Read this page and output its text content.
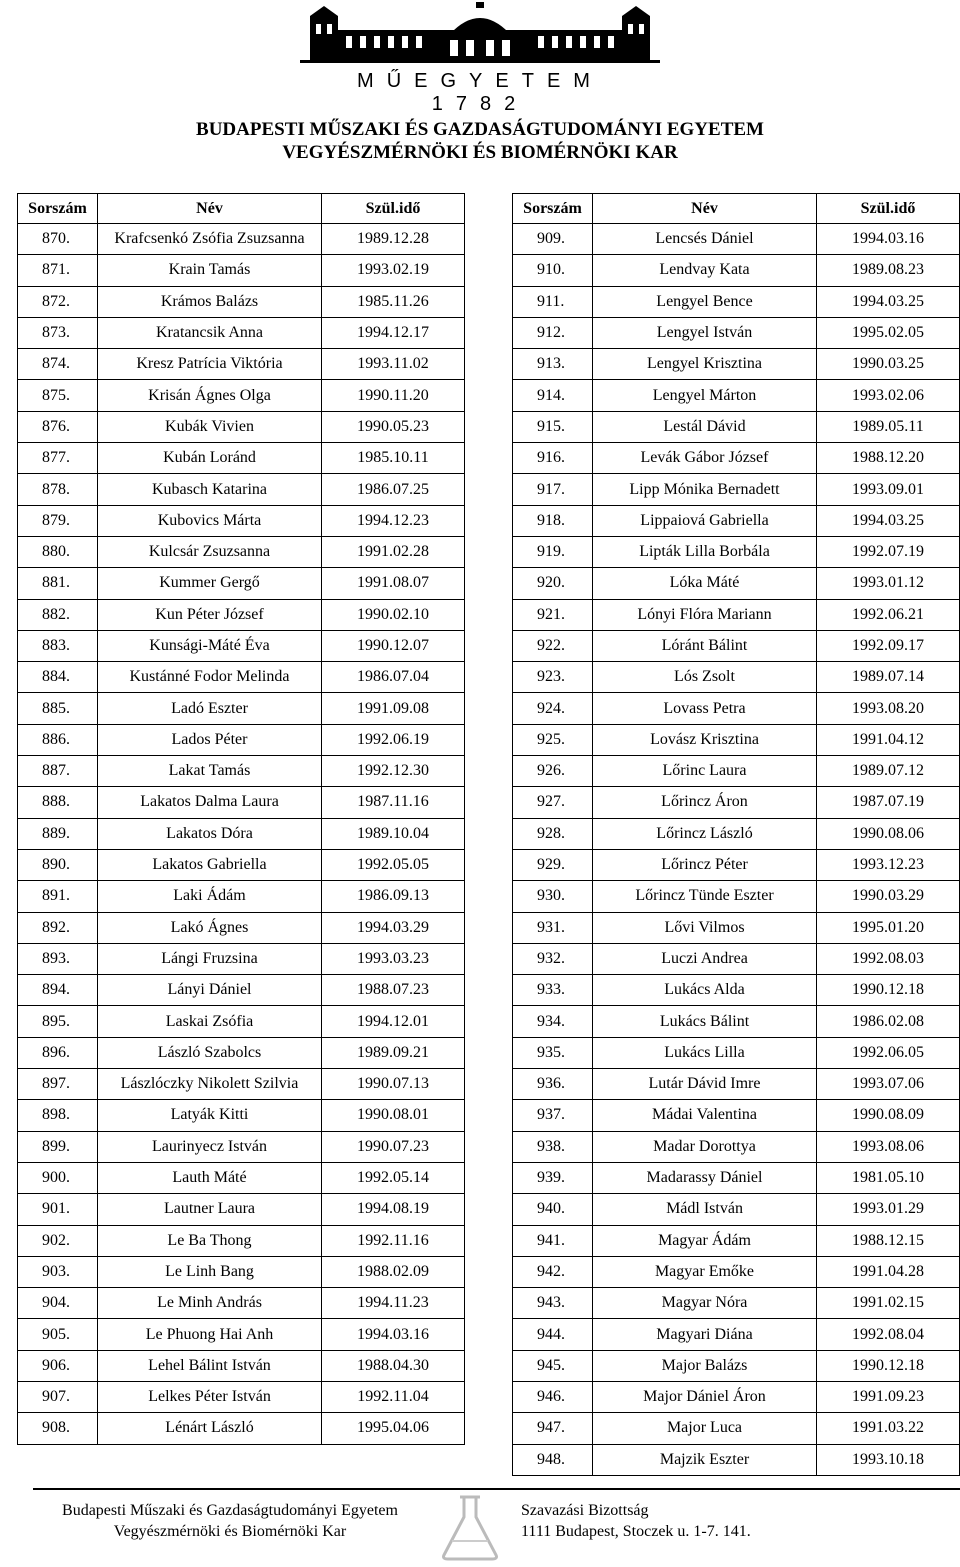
MŰEGYETEM 1782
BUDAPESTI MŰSZAKI ÉS GAZDASÁGTUDOMÁNYI EGYETEM
VEGYÉSZMÉRNÖKI ÉS BIOMÉRNÖKI KAR
Sorszám	Név	Szül.idő
870.	Krafcsenkó Zsófia Zsuzsanna	1989.12.28
871.	Krain Tamás	1993.02.19
872.	Krámos Balázs	1985.11.26
873.	Kratancsik Anna	1994.12.17
874.	Kresz Patrícia Viktória	1993.11.02
875.	Krisán Ágnes Olga	1990.11.20
876.	Kubák Vivien	1990.05.23
877.	Kubán Loránd	1985.10.11
878.	Kubasch Katarina	1986.07.25
879.	Kubovics Márta	1994.12.23
880.	Kulcsár Zsuzsanna	1991.02.28
881.	Kummer Gergő	1991.08.07
882.	Kun Péter József	1990.02.10
883.	Kunsági-Máté Éva	1990.12.07
884.	Kustánné Fodor Melinda	1986.07.04
885.	Ladó Eszter	1991.09.08
886.	Lados Péter	1992.06.19
887.	Lakat Tamás	1992.12.30
888.	Lakatos Dalma Laura	1987.11.16
889.	Lakatos Dóra	1989.10.04
890.	Lakatos Gabriella	1992.05.05
891.	Laki Ádám	1986.09.13
892.	Lakó Ágnes	1994.03.29
893.	Lángi Fruzsina	1993.03.23
894.	Lányi Dániel	1988.07.23
895.	Laskai Zsófia	1994.12.01
896.	László Szabolcs	1989.09.21
897.	Lászlóczky Nikolett Szilvia	1990.07.13
898.	Latyák Kitti	1990.08.01
899.	Laurinyecz István	1990.07.23
900.	Lauth Máté	1992.05.14
901.	Lautner Laura	1994.08.19
902.	Le Ba Thong	1992.11.16
903.	Le Linh Bang	1988.02.09
904.	Le Minh András	1994.11.23
905.	Le Phuong Hai Anh	1994.03.16
906.	Lehel Bálint István	1988.04.30
907.	Lelkes Péter István	1992.11.04
908.	Lénárt László	1995.04.06
Sorszám	Név	Szül.idő
909.	Lencsés Dániel	1994.03.16
910.	Lendvay Kata	1989.08.23
911.	Lengyel Bence	1994.03.25
912.	Lengyel István	1995.02.05
913.	Lengyel Krisztina	1990.03.25
914.	Lengyel Márton	1993.02.06
915.	Lestál Dávid	1989.05.11
916.	Levák Gábor József	1988.12.20
917.	Lipp Mónika Bernadett	1993.09.01
918.	Lippaiová Gabriella	1994.03.25
919.	Lipták Lilla Borbála	1992.07.19
920.	Lóka Máté	1993.01.12
921.	Lónyi Flóra Mariann	1992.06.21
922.	Lóránt Bálint	1992.09.17
923.	Lós Zsolt	1989.07.14
924.	Lovass Petra	1993.08.20
925.	Lovász Krisztina	1991.04.12
926.	Lőrinc Laura	1989.07.12
927.	Lőrincz Áron	1987.07.19
928.	Lőrincz László	1990.08.06
929.	Lőrincz Péter	1993.12.23
930.	Lőrincz Tünde Eszter	1990.03.29
931.	Lővi Vilmos	1995.01.20
932.	Luczi Andrea	1992.08.03
933.	Lukács Alda	1990.12.18
934.	Lukács Bálint	1986.02.08
935.	Lukács Lilla	1992.06.05
936.	Lutár Dávid Imre	1993.07.06
937.	Mádai Valentina	1990.08.09
938.	Madar Dorottya	1993.08.06
939.	Madarassy Dániel	1981.05.10
940.	Mádl István	1993.01.29
941.	Magyar Ádám	1988.12.15
942.	Magyar Emőke	1991.04.28
943.	Magyar Nóra	1991.02.15
944.	Magyari Diána	1992.08.04
945.	Major Balázs	1990.12.18
946.	Major Dániel Áron	1991.09.23
947.	Major Luca	1991.03.22
948.	Majzik Eszter	1993.10.18
Budapesti Műszaki és Gazdaságtudományi Egyetem
Vegyészmérnöki és Biomérnöki Kar
Szavazási Bizottság
1111 Budapest, Stoczek u. 1-7. 141.
